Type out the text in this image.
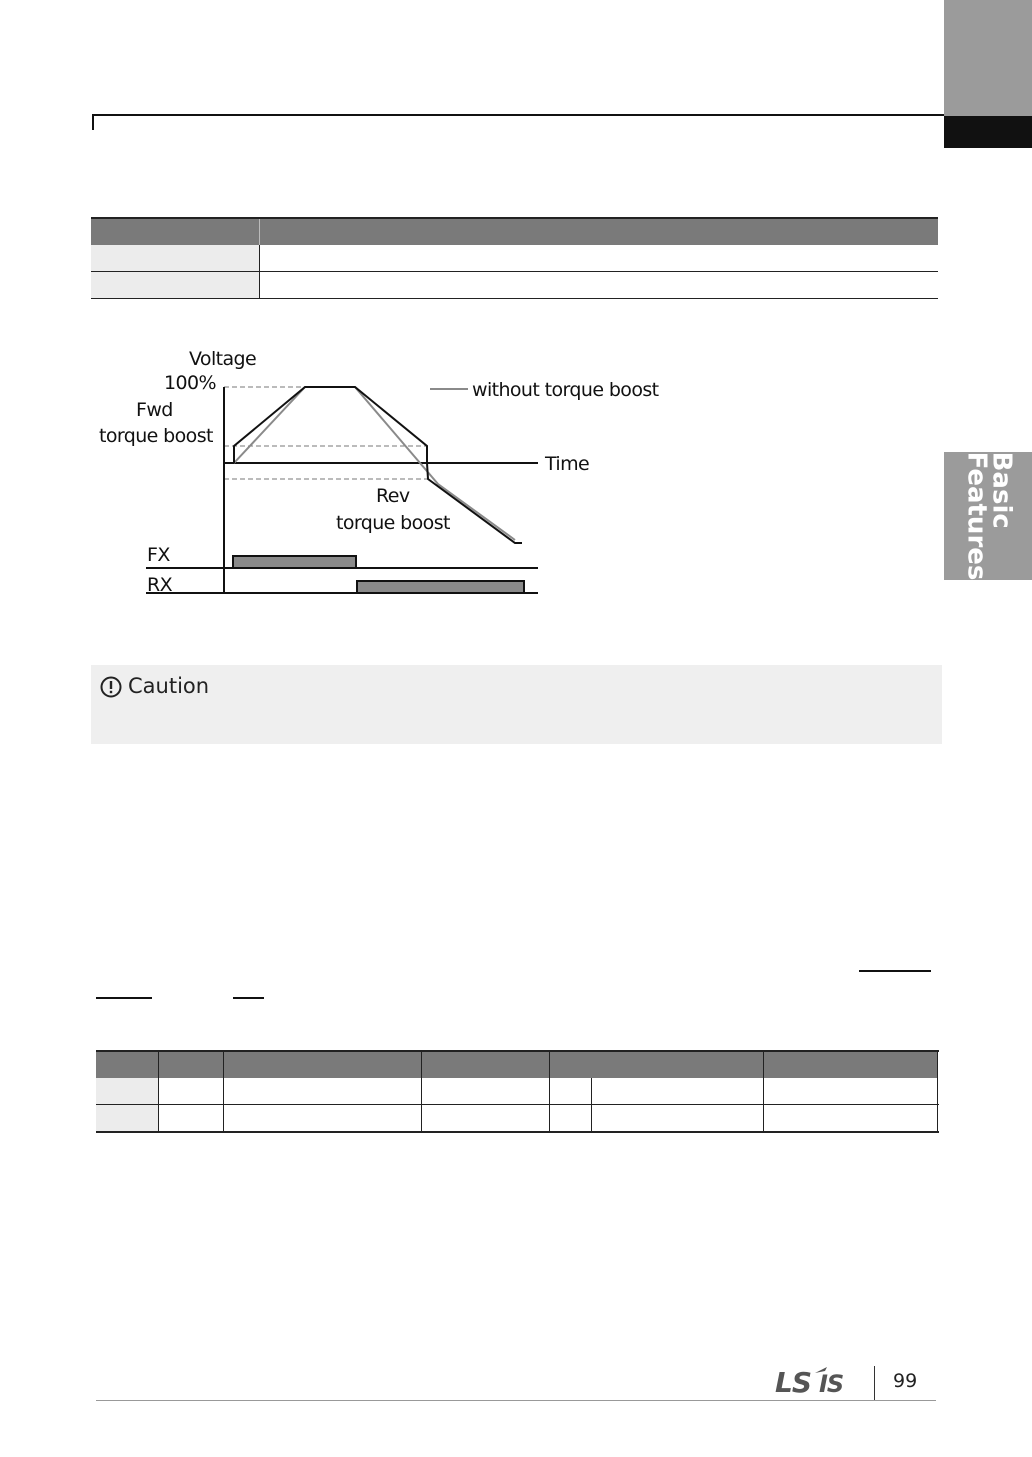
Basic
Features

Voltage
100%
Fwd
torque boost
without torque boost
Time
Rev
torque boost
FX
RX
Caution

LS IS	99
